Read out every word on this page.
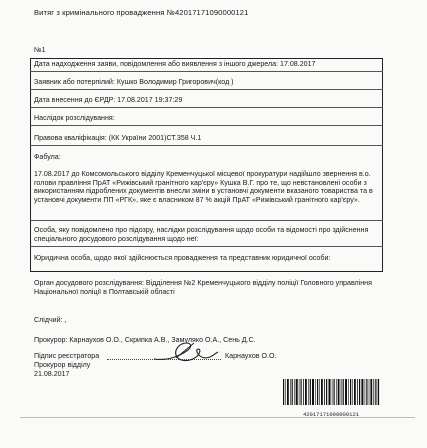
Витяг з кримінального провадження №42017171090000121
№1
Дата надходження заяви, повідомлення або виявлення з іншого джерела: 17.08.2017
Заявник або потерпілий: Кушко Володимир Григорович(код )
Дата внесення до ЄРДР: 17.08.2017 19:37:29
Наслідок розслідування:
Правова кваліфікація: (КК України 2001)СТ.358 Ч.1
Фабула:
17.08.2017 до Комсомольського відділу Кременчуцької місцевої прокуратури надійшло звернення в.о. голови правління ПрАТ «Рижівський гранітного кар'єру» Кушка В.Г. про те, що невстановлені особи з використанням підроблених документів внесли зміни в установчі документи вказаного товариства та в установчі документи ПП «РГК», яке є власником 87 % акцій ПрАТ «Рижівський гранітного кар'єру».
Особа, яку повідомлено про підозру, наслідки розслідування щодо особи та відомості про здійснення спеціального досудового розслідування щодо неї:
Юридична особа, щодо якої здійснюється провадження та представник юридичної особи:
Орган досудового розслідування: Відділення №2 Кременчуцького відділу поліції Головного управління Національної поліції в Полтавській області
Слідчий: ,
Прокурор: Карнаухов О.О., Скрипка А.В., Замуляко О.А., Сень Д.С.
Підпис реєстратора	Карнаухов О.О.
Прокурор відділу
21.08.2017
42017171090000121
